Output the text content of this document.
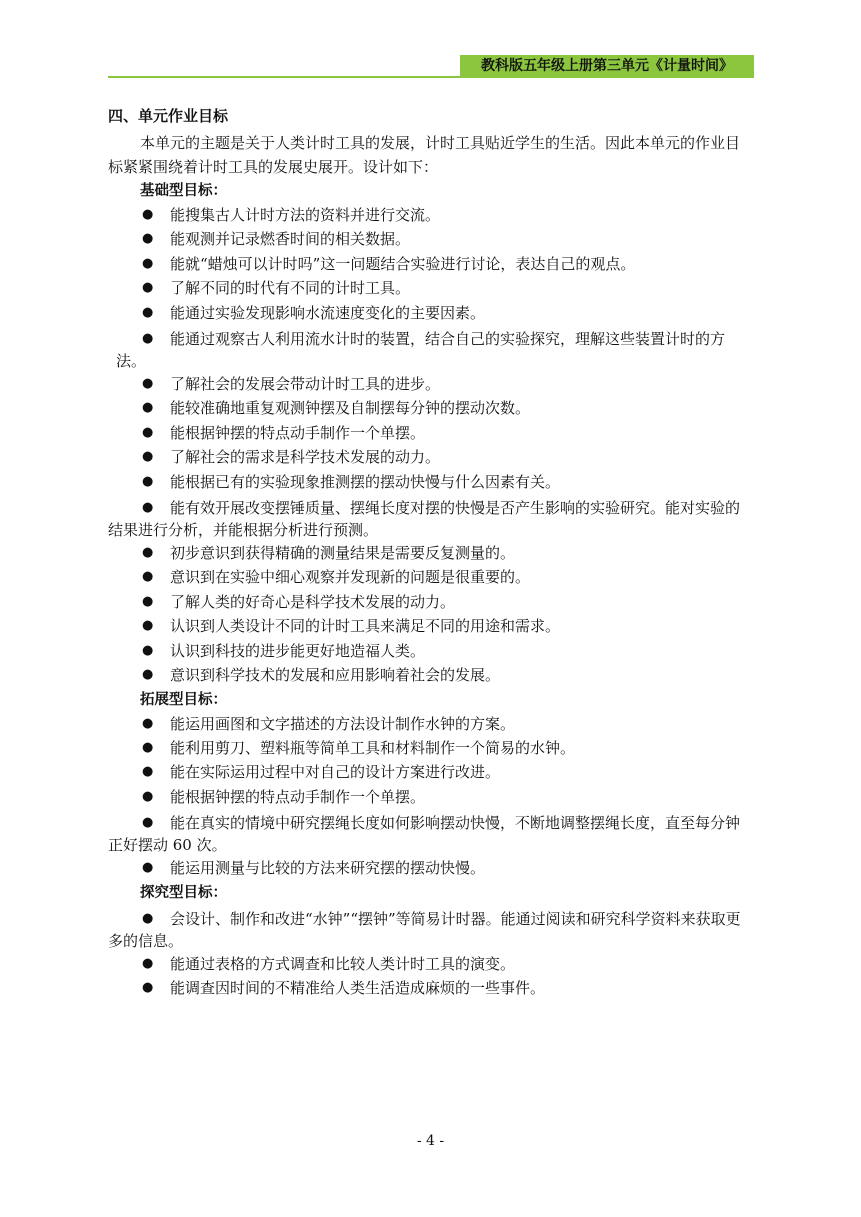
教科版五年级上册第三单元《计量时间》
四、单元作业目标

本单元的主题是关于人类计时工具的发展，计时工具贴近学生的生活。因此本单元的作业目标紧紧围绕着计时工具的发展史展开。设计如下：

基础型目标：
●	能搜集古人计时方法的资料并进行交流。
●	能观测并记录燃香时间的相关数据。
●	能就“蜡烛可以计时吗”这一问题结合实验进行讨论，表达自己的观点。
●	了解不同的时代有不同的计时工具。
●	能通过实验发现影响水流速度变化的主要因素。
●	能通过观察古人利用流水计时的装置，结合自己的实验探究，理解这些装置计时的方法。
●	了解社会的发展会带动计时工具的进步。
●	能较准确地重复观测钟摆及自制摆每分钟的摆动次数。
●	能根据钟摆的特点动手制作一个单摆。
●	了解社会的需求是科学技术发展的动力。
●	能根据已有的实验现象推测摆的摆动快慢与什么因素有关。
●	能有效开展改变摆锤质量、摆绳长度对摆的快慢是否产生影响的实验研究。能对实验的结果进行分析，并能根据分析进行预测。
●	初步意识到获得精确的测量结果是需要反复测量的。
●	意识到在实验中细心观察并发现新的问题是很重要的。
●	了解人类的好奇心是科学技术发展的动力。
●	认识到人类设计不同的计时工具来满足不同的用途和需求。
●	认识到科技的进步能更好地造福人类。
●	意识到科学技术的发展和应用影响着社会的发展。
拓展型目标：
●	能运用画图和文字描述的方法设计制作水钟的方案。
●	能利用剪刀、塑料瓶等简单工具和材料制作一个简易的水钟。
●	能在实际运用过程中对自己的设计方案进行改进。
●	能根据钟摆的特点动手制作一个单摆。
●	能在真实的情境中研究摆绳长度如何影响摆动快慢，不断地调整摆绳长度，直至每分钟正好摆动 60 次。
●	能运用测量与比较的方法来研究摆的摆动快慢。
探究型目标：
●	会设计、制作和改进“水钟”“摆钟”等简易计时器。能通过阅读和研究科学资料来获取更多的信息。
●	能通过表格的方式调查和比较人类计时工具的演变。
●	能调查因时间的不精准给人类生活造成麻烦的一些事件。
- 4 -
